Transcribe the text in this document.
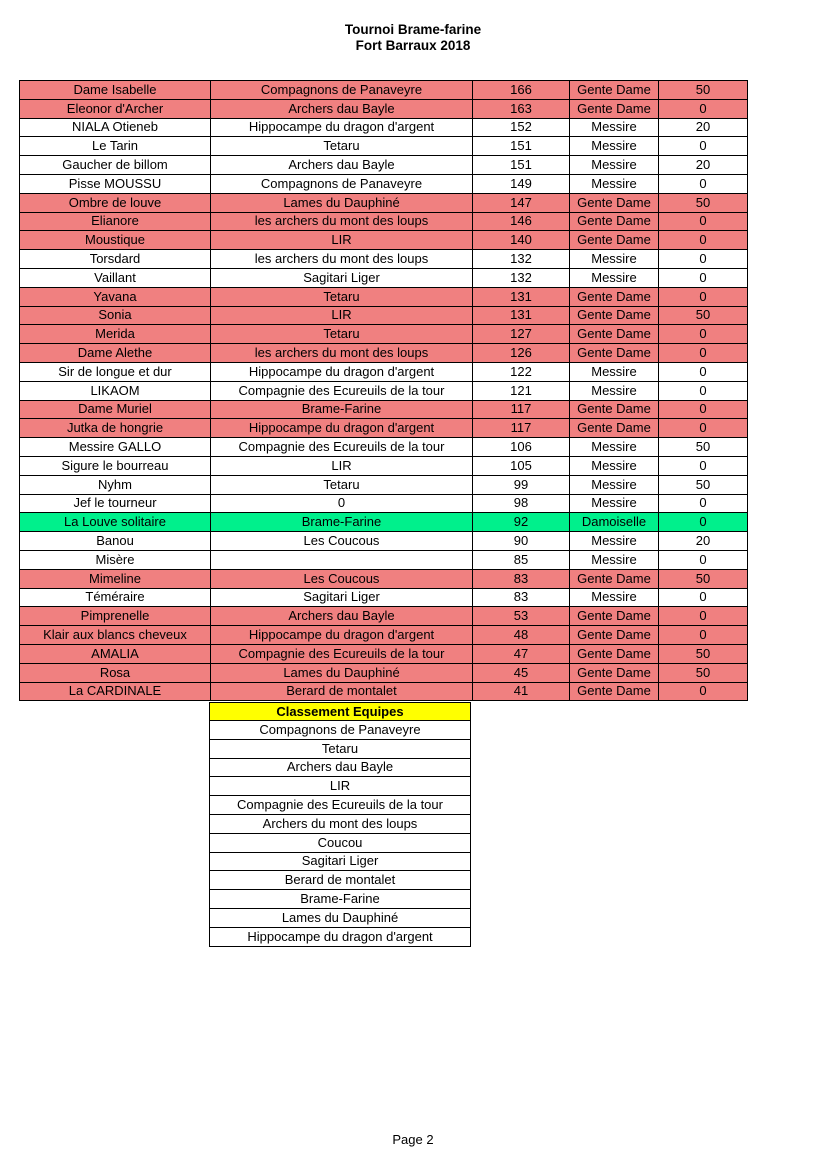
Tournoi Brame-farine
Fort Barraux 2018
Dame Isabelle	Compagnons de Panaveyre	166	Gente Dame	50
Eleonor d'Archer	Archers dau Bayle	163	Gente Dame	0
NIALA Otieneb	Hippocampe du dragon d'argent	152	Messire	20
Le Tarin	Tetaru	151	Messire	0
Gaucher de billom	Archers dau Bayle	151	Messire	20
Pisse MOUSSU	Compagnons de Panaveyre	149	Messire	0
Ombre de louve	Lames du Dauphiné	147	Gente Dame	50
Elianore	les archers du mont des loups	146	Gente Dame	0
Moustique	LIR	140	Gente Dame	0
Torsdard	les archers du mont des loups	132	Messire	0
Vaillant	Sagitari Liger	132	Messire	0
Yavana	Tetaru	131	Gente Dame	0
Sonia	LIR	131	Gente Dame	50
Merida	Tetaru	127	Gente Dame	0
Dame Alethe	les archers du mont des loups	126	Gente Dame	0
Sir de longue et dur	Hippocampe du dragon d'argent	122	Messire	0
LIKAOM	Compagnie des Ecureuils de la tour	121	Messire	0
Dame Muriel	Brame-Farine	117	Gente Dame	0
Jutka de hongrie	Hippocampe du dragon d'argent	117	Gente Dame	0
Messire GALLO	Compagnie des Ecureuils de la tour	106	Messire	50
Sigure le bourreau	LIR	105	Messire	0
Nyhm	Tetaru	99	Messire	50
Jef le tourneur	0	98	Messire	0
La Louve solitaire	Brame-Farine	92	Damoiselle	0
Banou	Les Coucous	90	Messire	20
Misère		85	Messire	0
Mimeline	Les Coucous	83	Gente Dame	50
Téméraire	Sagitari Liger	83	Messire	0
Pimprenelle	Archers dau Bayle	53	Gente Dame	0
Klair aux blancs cheveux	Hippocampe du dragon d'argent	48	Gente Dame	0
AMALIA	Compagnie des Ecureuils de la tour	47	Gente Dame	50
Rosa	Lames du Dauphiné	45	Gente Dame	50
La CARDINALE	Berard de montalet	41	Gente Dame	0
Classement Equipes
Compagnons de Panaveyre
Tetaru
Archers dau Bayle
LIR
Compagnie des Ecureuils de la tour
Archers du mont des loups
Coucou
Sagitari Liger
Berard de montalet
Brame-Farine
Lames du Dauphiné
Hippocampe du dragon d'argent
Page 2
